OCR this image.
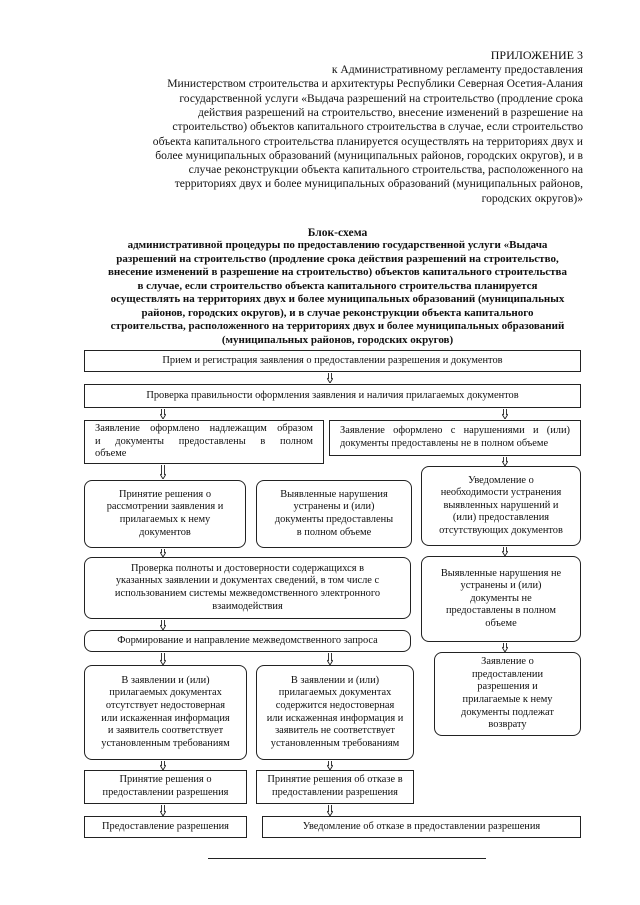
ПРИЛОЖЕНИЕ 3
к Административному регламенту предоставления
Министерством строительства и архитектуры Республики Северная Осетия-Алания
государственной услуги «Выдача разрешений на строительство (продление срока
действия разрешений на строительство, внесение изменений в разрешение на
строительство) объектов капитального строительства в случае, если строительство
объекта капитального строительства планируется осуществлять на территориях двух и
более муниципальных образований (муниципальных районов, городских округов), и в
случае реконструкции объекта капитального строительства, расположенного на
территориях двух и более муниципальных образований (муниципальных районов,
городских округов)»
Блок-схема
административной процедуры по предоставлению государственной услуги «Выдача
разрешений на строительство (продление срока действия разрешений на строительство,
внесение изменений в разрешение на строительство) объектов капитального строительства
в случае, если строительство объекта капитального строительства планируется
осуществлять на территориях двух и более муниципальных образований (муниципальных
районов, городских округов), и в случае реконструкции объекта капитального
строительства, расположенного на территориях двух и более муниципальных образований
(муниципальных районов, городских округов)
Прием и регистрация заявления о предоставлении разрешения и документов
Проверка правильности оформления заявления и наличия прилагаемых документов
Заявление оформлено надлежащим образом
и документы предоставлены в полном
объеме
Заявление оформлено с нарушениями и (или)
документы предоставлены не в полном объеме
Уведомление о
необходимости устранения
выявленных нарушений и
(или) предоставления
отсутствующих документов
Принятие решения о
рассмотрении заявления и
прилагаемых к нему
документов
Выявленные нарушения
устранены и (или)
документы предоставлены
в полном объеме
Проверка полноты и достоверности содержащихся в
указанных заявлении и документах сведений, в том числе с
использованием системы межведомственного электронного
взаимодействия
Выявленные нарушения не
устранены и (или)
документы не
предоставлены в полном
объеме
Формирование и направление межведомственного запроса
Заявление о
предоставлении
разрешения и
прилагаемые к нему
документы подлежат
возврату
В заявлении и (или)
прилагаемых документах
отсутствует недостоверная
или искаженная информация
и заявитель соответствует
установленным требованиям
В заявлении и (или)
прилагаемых документах
содержится недостоверная
или искаженная информация и
заявитель не соответствует
установленным требованиям
Принятие решения о
предоставлении разрешения
Принятие решения об отказе в
предоставлении разрешения
Предоставление разрешения	Уведомление об отказе в предоставлении разрешения
